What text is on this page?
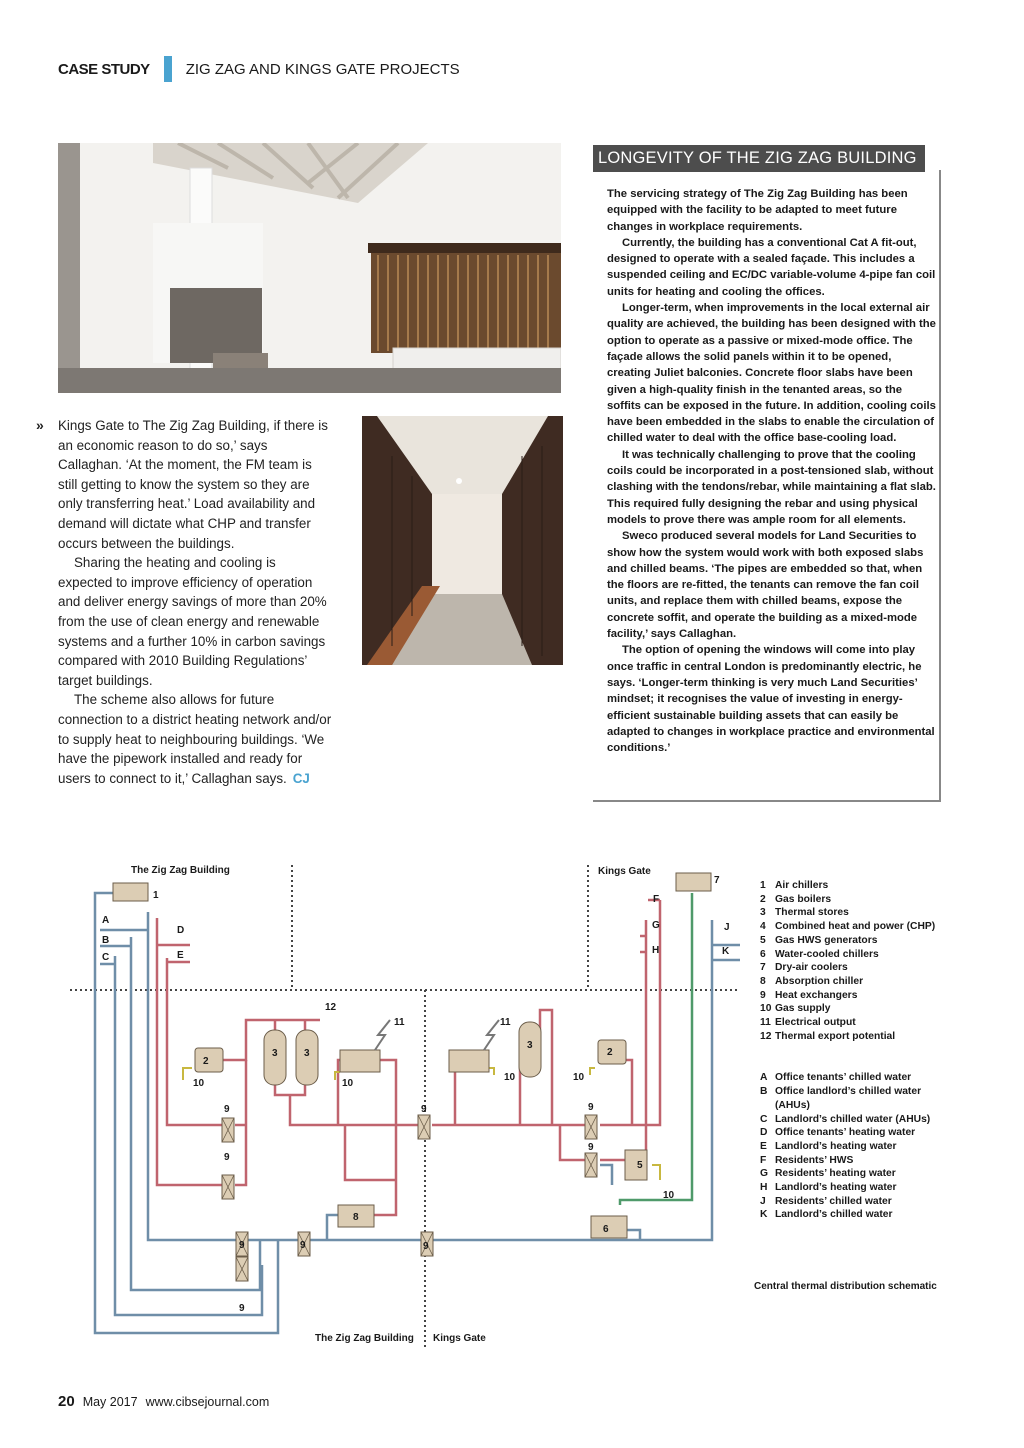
CASE STUDY ZIG ZAG AND KINGS GATE PROJECTS
» Kings Gate to The Zig Zag Building, if there is an economic reason to do so,’ says Callaghan. ‘At the moment, the FM team is still getting to know the system so they are only transferring heat.’ Load availability and demand will dictate what CHP and transfer occurs between the buildings.

Sharing the heating and cooling is expected to improve efficiency of operation and deliver energy savings of more than 20% from the use of clean energy and renewable systems and a further 10% in carbon savings compared with 2010 Building Regulations’ target buildings.

The scheme also allows for future connection to a district heating network and/or to supply heat to neighbouring buildings. ‘We have the pipework installed and ready for users to connect to it,’ Callaghan says. CJ

LONGEVITY OF THE ZIG ZAG BUILDING

The servicing strategy of The Zig Zag Building has been equipped with the facility to be adapted to meet future changes in workplace requirements.

Currently, the building has a conventional Cat A fit-out, designed to operate with a sealed façade. This includes a suspended ceiling and EC/DC variable-volume 4-pipe fan coil units for heating and cooling the offices.

Longer-term, when improvements in the local external air quality are achieved, the building has been designed with the option to operate as a passive or mixed-mode office. The façade allows the solid panels within it to be opened, creating Juliet balconies. Concrete floor slabs have been given a high-quality finish in the tenanted areas, so the soffits can be exposed in the future. In addition, cooling coils have been embedded in the slabs to enable the circulation of chilled water to deal with the office base-cooling load.

It was technically challenging to prove that the cooling coils could be incorporated in a post-tensioned slab, without clashing with the tendons/rebar, while maintaining a flat slab. This required fully designing the rebar and using physical models to prove there was ample room for all elements.

Sweco produced several models for Land Securities to show how the system would work with both exposed slabs and chilled beams. ‘The pipes are embedded so that, when the floors are re-fitted, the tenants can remove the fan coil units, and replace them with chilled beams, expose the concrete soffit, and operate the building as a mixed-mode facility,’ says Callaghan.

The option of opening the windows will come into play once traffic in central London is predominantly electric, he says. ‘Longer-term thinking is very much Land Securities’ mindset; it recognises the value of investing in energy-efficient sustainable building assets that can easily be adapted to changes in workplace practice and environmental conditions.’

The Zig Zag Building	Kings Gate
The Zig Zag Building Kings Gate
1
7
A
B
C
D
E
F
G
H
J
K
12
11	11
2
2
3	3
3
10	10
10	10
10
9
9
9	9
9
9	9	9
9
5
6
8
1 Air chillers
2 Gas boilers
3 Thermal stores
4 Combined heat and power (CHP)
5 Gas HWS generators
6 Water-cooled chillers
7 Dry-air coolers
8 Absorption chiller
9 Heat exchangers
10 Gas supply
11 Electrical output
12 Thermal export potential
A Office tenants’ chilled water
B Office landlord’s chilled water
(AHUs)
C Landlord’s chilled water (AHUs)
D Office tenants’ heating water
E Landlord’s heating water
F Residents’ HWS
G Residents’ heating water
H Landlord’s heating water
J Residents’ chilled water
K Landlord’s chilled water
Central thermal distribution schematic
20 May 2017 www.cibsejournal.com
